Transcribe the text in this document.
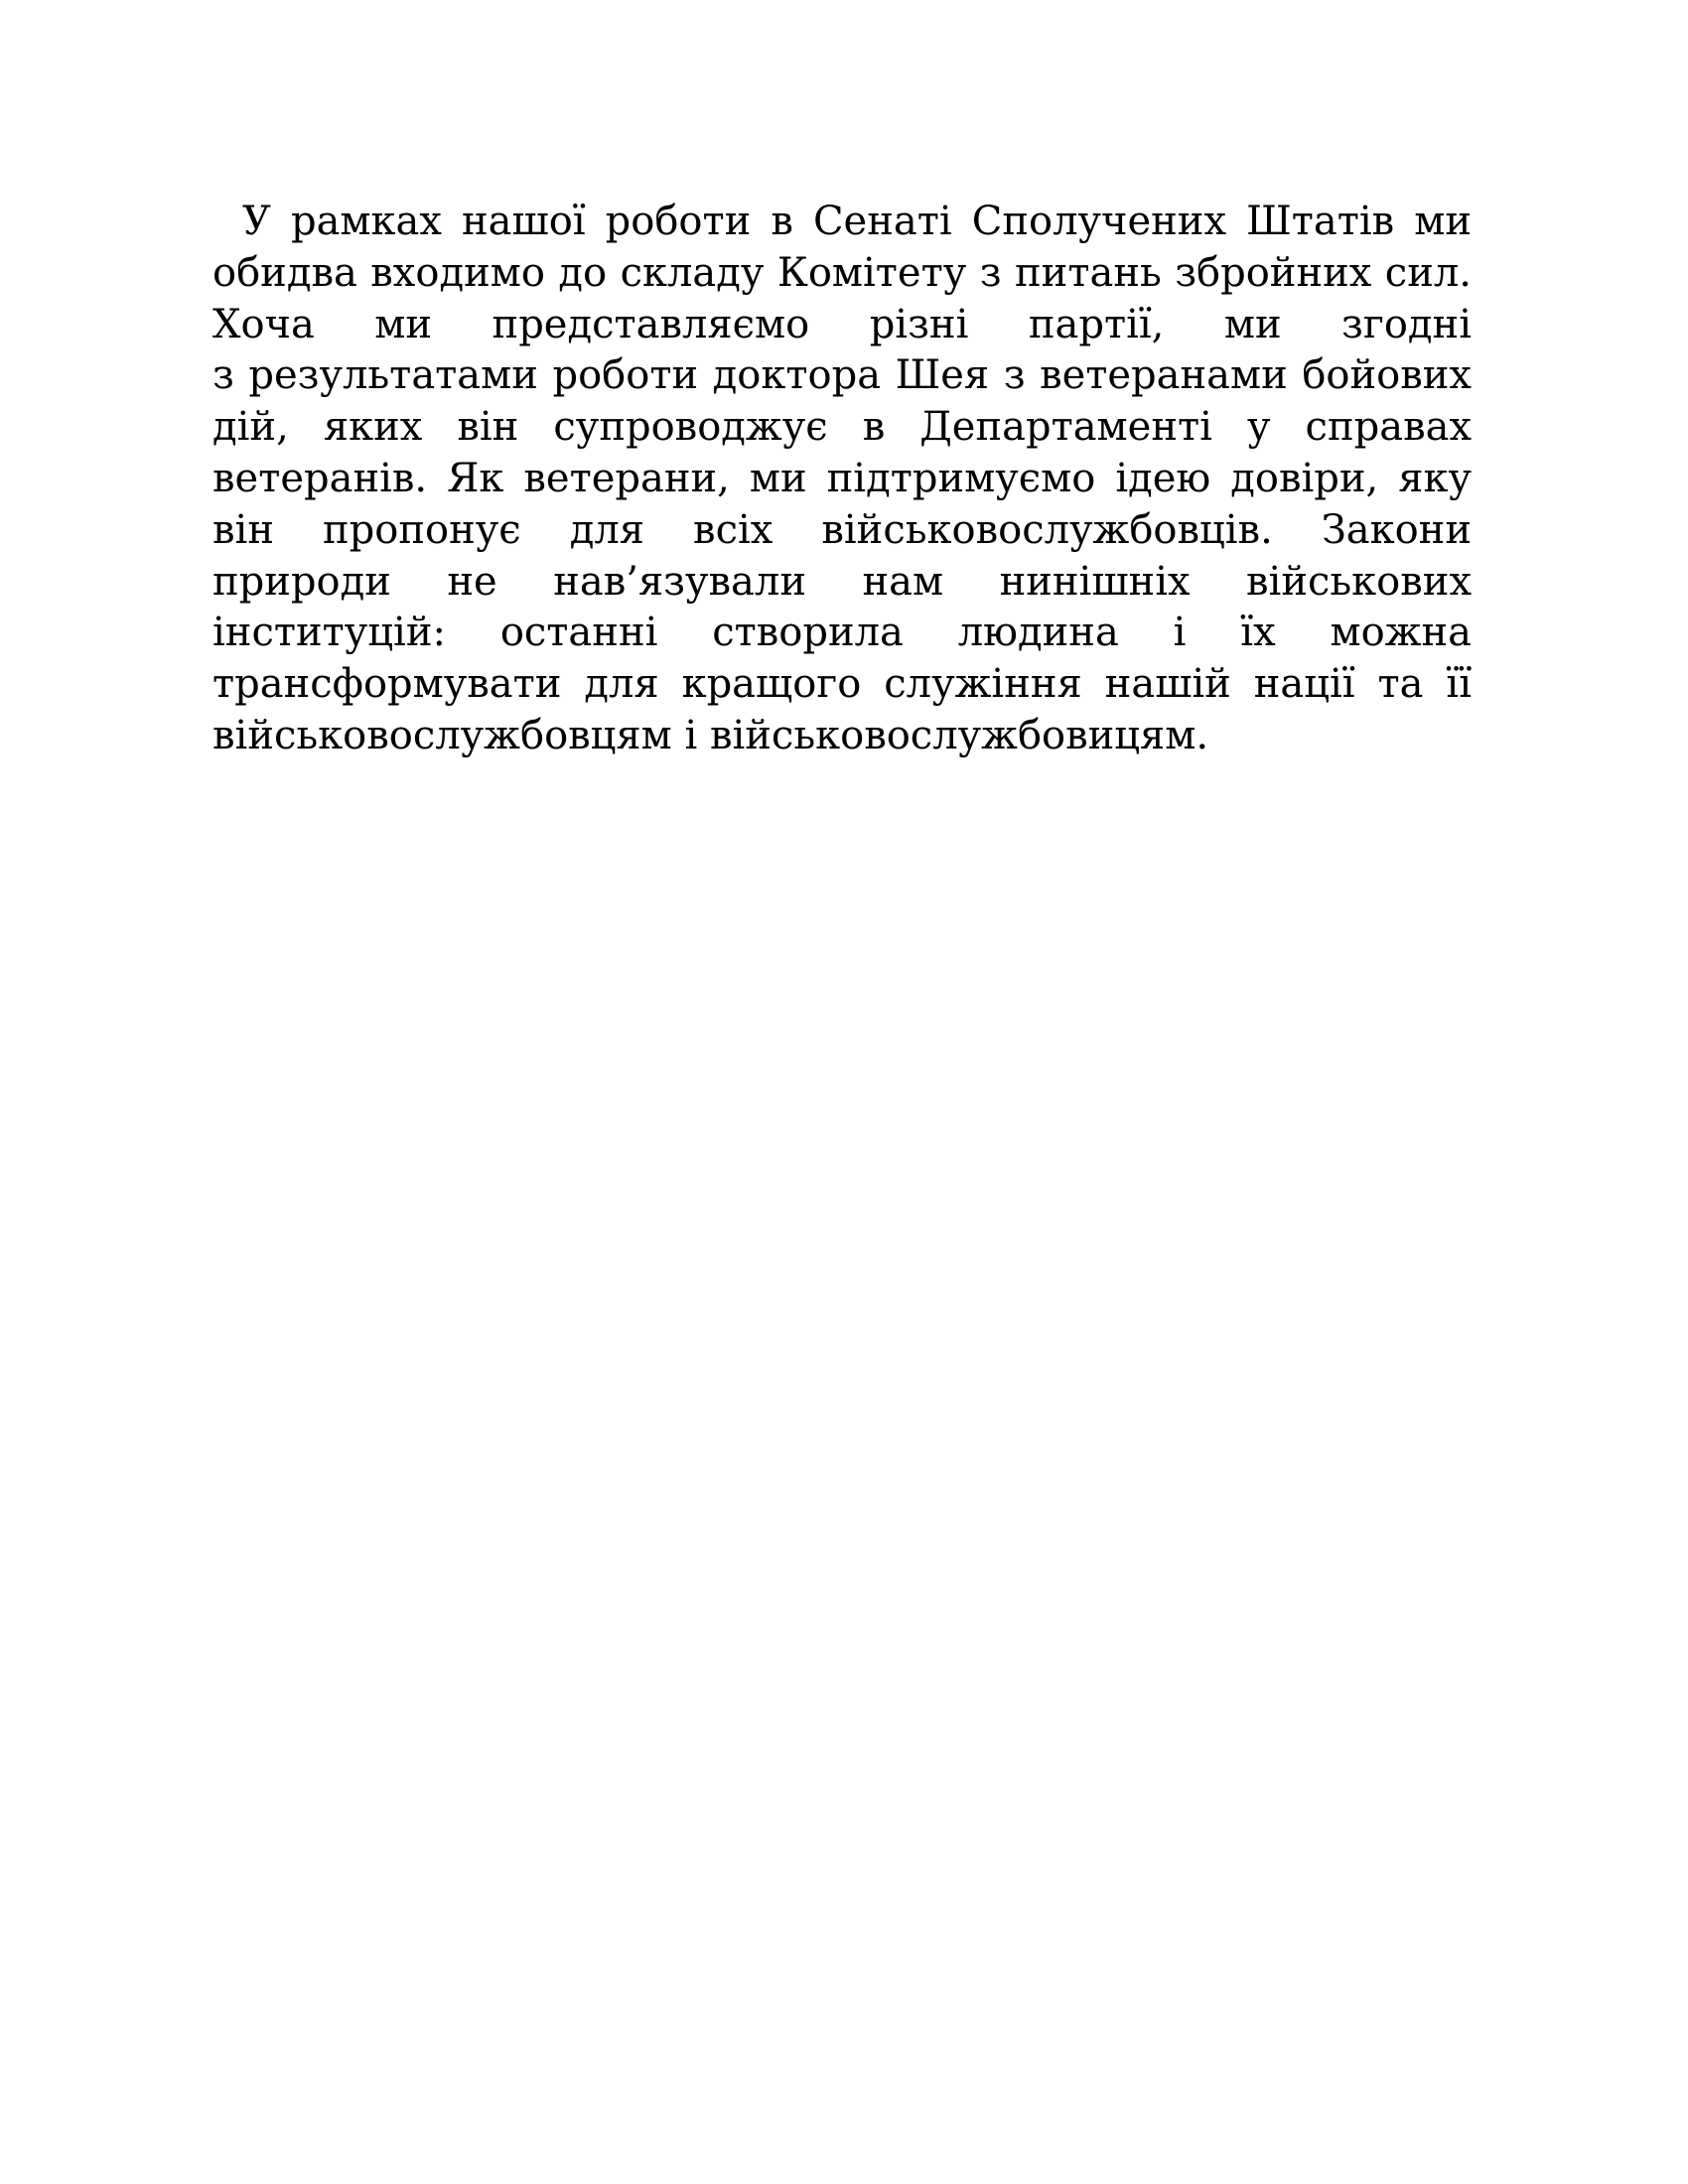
У рамках нашої роботи в Сенаті Сполучених Штатів ми
обидва входимо до складу Комітету з питань збройних сил.
Хоча ми представляємо різні партії, ми згодні
з результатами роботи доктора Шея з ветеранами бойових
дій, яких він супроводжує в Департаменті у справах
ветеранів. Як ветерани, ми підтримуємо ідею довіри, яку
він пропонує для всіх військовослужбовців. Закони
природи не нав’язували нам нинішніх військових
інституцій: останні створила людина і їх можна
трансформувати для кращого служіння нашій нації та її
військовослужбовцям і військовослужбовицям.
